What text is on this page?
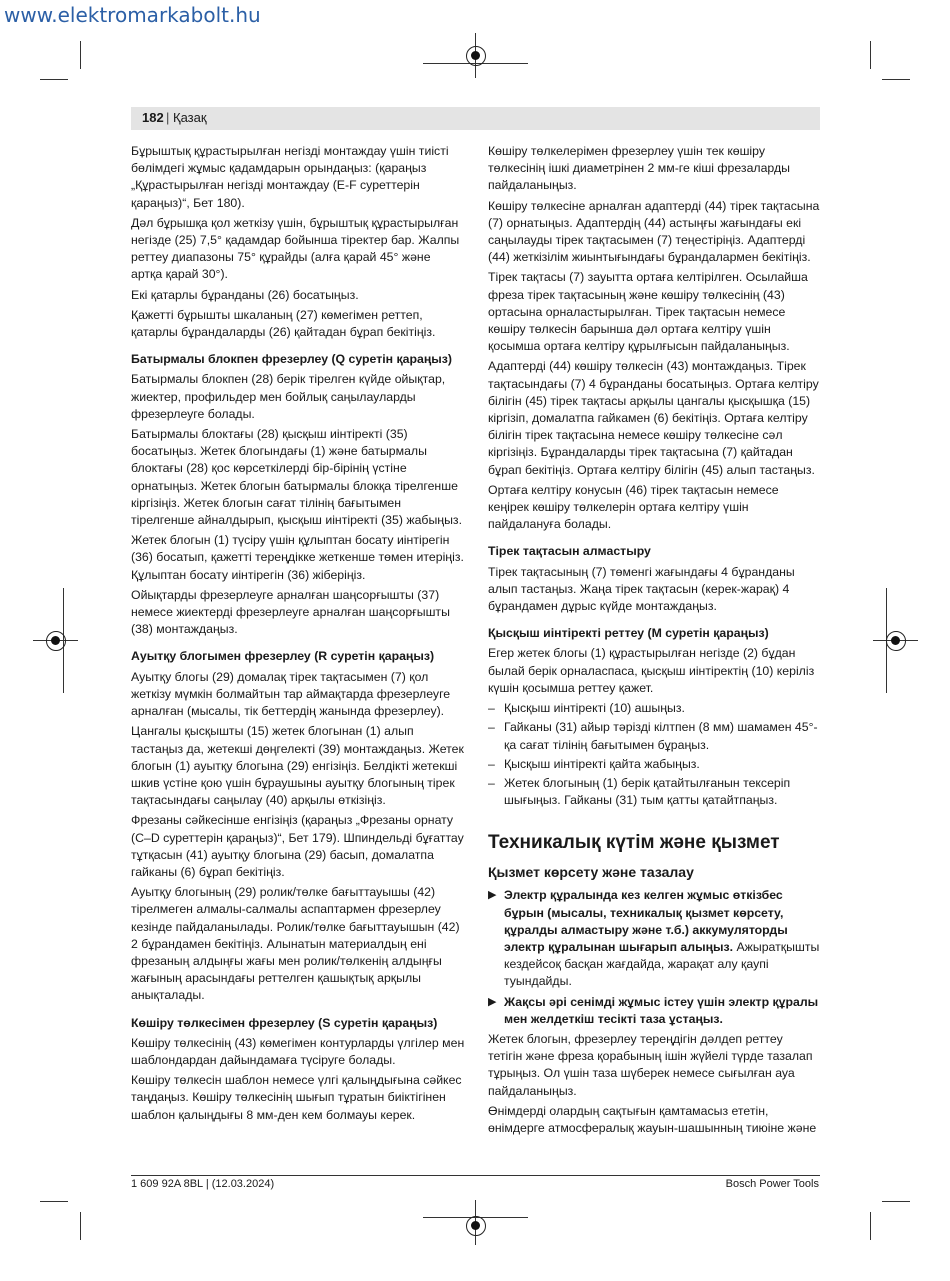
www.elektromarkabolt.hu
182 | Қазақ

Бұрыштық құрастырылған негізді монтаждау үшін тиісті бөлімдегі жұмыс қадамдарын орындаңыз: (қараңыз „Құрастырылған негізді монтаждау (E-F суреттерін қараңыз)“, Бет 180).

Дәл бұрышқа қол жеткізу үшін, бұрыштық құрастырылған негізде (25) 7,5° қадамдар бойынша тіректер бар. Жалпы реттеу диапазоны 75° құрайды (алға қарай 45° және артқа қарай 30°).

Екі қатарлы бұранданы (26) босатыңыз.

Қажетті бұрышты шкаланың (27) көмегімен реттеп, қатарлы бұрандаларды (26) қайтадан бұрап бекітіңіз.

Батырмалы блокпен фрезерлеу (Q суретін қараңыз)

Батырмалы блокпен (28) берік тірелген күйде ойықтар, жиектер, профильдер мен бойлық саңылауларды фрезерлеуге болады.

Батырмалы блоктағы (28) қысқыш иінтіректі (35) босатыңыз. Жетек блогындағы (1) және батырмалы блоктағы (28) қос көрсеткілерді бір-бірінің үстіне орнатыңыз. Жетек блогын батырмалы блокқа тірелгенше кіргізіңіз. Жетек блогын сағат тілінің бағытымен тірелгенше айналдырып, қысқыш иінтіректі (35) жабыңыз.

Жетек блогын (1) түсіру үшін құлыптан босату иінтірегін (36) босатып, қажетті тереңдікке жеткенше төмен итеріңіз. Құлыптан босату иінтірегін (36) жіберіңіз.

Ойықтарды фрезерлеуге арналған шаңсорғышты (37) немесе жиектерді фрезерлеуге арналған шаңсорғышты (38) монтаждаңыз.

Ауытқу блогымен фрезерлеу (R суретін қараңыз)

Ауытқу блогы (29) домалақ тірек тақтасымен (7) қол жеткізу мүмкін болмайтын тар аймақтарда фрезерлеуге арналған (мысалы, тік беттердің жанында фрезерлеу).

Цангалы қысқышты (15) жетек блогынан (1) алып тастаңыз да, жетекші дөңгелекті (39) монтаждаңыз. Жетек блогын (1) ауытқу блогына (29) енгізіңіз. Белдікті жетекші шкив үстіне қою үшін бұраушыны ауытқу блогының тірек тақтасындағы саңылау (40) арқылы өткізіңіз.

Фрезаны сәйкесінше енгізіңіз (қараңыз „Фрезаны орнату (C–D суреттерін қараңыз)“, Бет 179). Шпиндельді бұғаттау тұтқасын (41) ауытқу блогына (29) басып, домалатпа гайканы (6) бұрап бекітіңіз.

Ауытқу блогының (29) ролик/төлке бағыттауышы (42) тірелмеген алмалы-салмалы аспаптармен фрезерлеу кезінде пайдаланылады. Ролик/төлке бағыттауышын (42) 2 бұрандамен бекітіңіз. Алынатын материалдың ені фрезаның алдыңғы жағы мен ролик/төлкенің алдыңғы жағының арасындағы реттелген қашықтық арқылы анықталады.

Көшіру төлкесімен фрезерлеу (S суретін қараңыз)

Көшіру төлкесінің (43) көмегімен контурларды үлгілер мен шаблондардан дайындамаға түсіруге болады.

Көшіру төлкесін шаблон немесе үлгі қалыңдығына сәйкес таңдаңыз. Көшіру төлкесінің шығып тұратын биіктігінен шаблон қалыңдығы 8 мм-ден кем болмауы керек.

Көшіру төлкелерімен фрезерлеу үшін тек көшіру төлкесінің ішкі диаметрінен 2 мм-ге кіші фрезаларды пайдаланыңыз.

Көшіру төлкесіне арналған адаптерді (44) тірек тақтасына (7) орнатыңыз. Адаптердің (44) астыңғы жағындағы екі саңылауды тірек тақтасымен (7) теңестіріңіз. Адаптерді (44) жеткізілім жиынтығындағы бұрандалармен бекітіңіз.

Тірек тақтасы (7) зауытта ортаға келтірілген. Осылайша фреза тірек тақтасының және көшіру төлкесінің (43) ортасына орналастырылған. Тірек тақтасын немесе көшіру төлкесін барынша дәл ортаға келтіру үшін қосымша ортаға келтіру құрылғысын пайдаланыңыз.

Адаптерді (44) көшіру төлкесін (43) монтаждаңыз. Тірек тақтасындағы (7) 4 бұранданы босатыңыз. Ортаға келтіру білігін (45) тірек тақтасы арқылы цангалы қысқышқа (15) кіргізіп, домалатпа гайкамен (6) бекітіңіз. Ортаға келтіру білігін тірек тақтасына немесе көшіру төлкесіне сәл кіргізіңіз. Бұрандаларды тірек тақтасына (7) қайтадан бұрап бекітіңіз. Ортаға келтіру білігін (45) алып тастаңыз.

Ортаға келтіру конусын (46) тірек тақтасын немесе кеңірек көшіру төлкелерін ортаға келтіру үшін пайдалануға болады.

Тірек тақтасын алмастыру

Тірек тақтасының (7) төменгі жағындағы 4 бұранданы алып тастаңыз. Жаңа тірек тақтасын (керек-жарақ) 4 бұрандамен дұрыс күйде монтаждаңыз.

Қысқыш иінтіректі реттеу (M суретін қараңыз)

Егер жетек блогы (1) құрастырылған негізде (2) бұдан былай берік орналаспаса, қысқыш иінтіректің (10) керіліз күшін қосымша реттеу қажет.

– Қысқыш иінтіректі (10) ашыңыз.
– Гайканы (31) айыр тәрізді кілтпен (8 мм) шамамен 45°-қа сағат тілінің бағытымен бұраңыз.
– Қысқыш иінтіректі қайта жабыңыз.
– Жетек блогының (1) берік қатайтылғанын тексеріп шығыңыз. Гайканы (31) тым қатты қатайтпаңыз.
Техникалық күтім және қызмет
Қызмет көрсету және тазалау
▶ Электр құралында кез келген жұмыс өткізбес бұрын (мысалы, техникалық қызмет көрсету, құралды алмастыру және т.б.) аккумуляторды электр құралынан шығарып алыңыз. Ажыратқышты кездейсоқ басқан жағдайда, жарақат алу қаупі туындайды.
▶ Жақсы әрі сенімді жұмыс істеу үшін электр құралы мен желдеткіш тесікті таза ұстаңыз.

Жетек блогын, фрезерлеу тереңдігін дәлдеп реттеу тетігін және фреза қорабының ішін жүйелі түрде тазалап тұрыңыз. Ол үшін таза шүберек немесе сығылған ауа пайдаланыңыз.

Өнімдерді олардың сақтығын қамтамасыз ететін, өнімдерге атмосфералық жауын-шашынның тиюіне және

1 609 92A 8BL | (12.03.2024)	Bosch Power Tools
